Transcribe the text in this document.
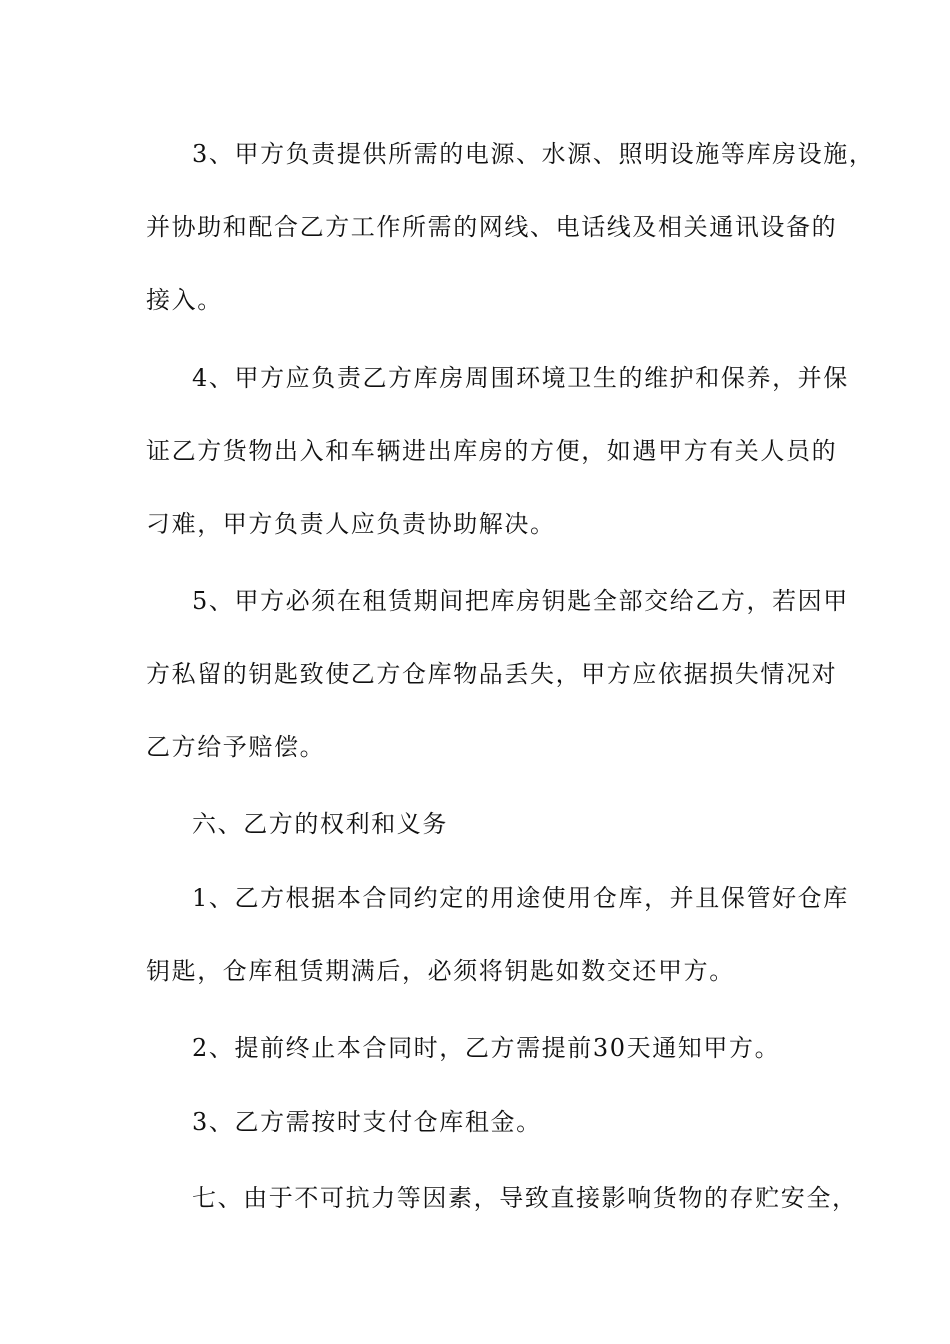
3、甲方负责提供所需的电源、水源、照明设施等库房设施，
并协助和配合乙方工作所需的网线、电话线及相关通讯设备的
接入。
4、甲方应负责乙方库房周围环境卫生的维护和保养，并保
证乙方货物出入和车辆进出库房的方便，如遇甲方有关人员的
刁难，甲方负责人应负责协助解决。
5、甲方必须在租赁期间把库房钥匙全部交给乙方，若因甲
方私留的钥匙致使乙方仓库物品丢失，甲方应依据损失情况对
乙方给予赔偿。
六、乙方的权利和义务
1、乙方根据本合同约定的用途使用仓库，并且保管好仓库
钥匙，仓库租赁期满后，必须将钥匙如数交还甲方。
2、提前终止本合同时，乙方需提前30天通知甲方。
3、乙方需按时支付仓库租金。
七、由于不可抗力等因素，导致直接影响货物的存贮安全，
